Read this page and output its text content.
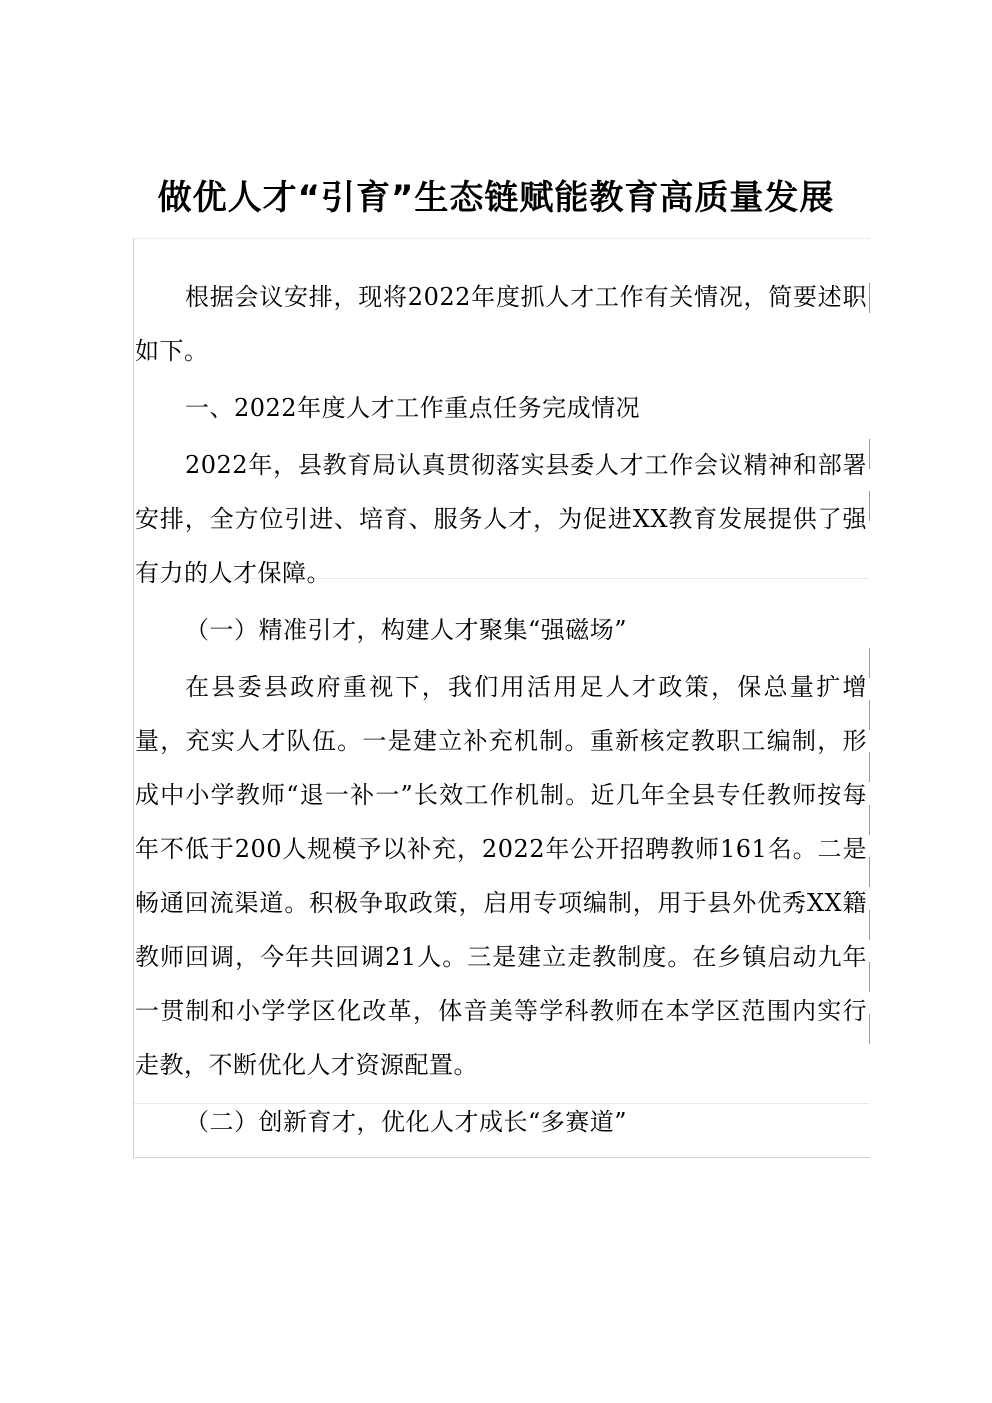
做优人才“引育”生态链赋能教育高质量发展

根据会议安排，现将2022年度抓人才工作有关情况，简要述职如下。

一、2022年度人才工作重点任务完成情况

2022年，县教育局认真贯彻落实县委人才工作会议精神和部署安排，全方位引进、培育、服务人才，为促进XX教育发展提供了强有力的人才保障。

（一）精准引才，构建人才聚集“强磁场”

在县委县政府重视下，我们用活用足人才政策，保总量扩增量，充实人才队伍。一是建立补充机制。重新核定教职工编制，形成中小学教师“退一补一”长效工作机制。近几年全县专任教师按每年不低于200人规模予以补充，2022年公开招聘教师161名。二是畅通回流渠道。积极争取政策，启用专项编制，用于县外优秀XX籍教师回调，今年共回调21人。三是建立走教制度。在乡镇启动九年一贯制和小学学区化改革，体音美等学科教师在本学区范围内实行走教，不断优化人才资源配置。

（二）创新育才，优化人才成长“多赛道”
